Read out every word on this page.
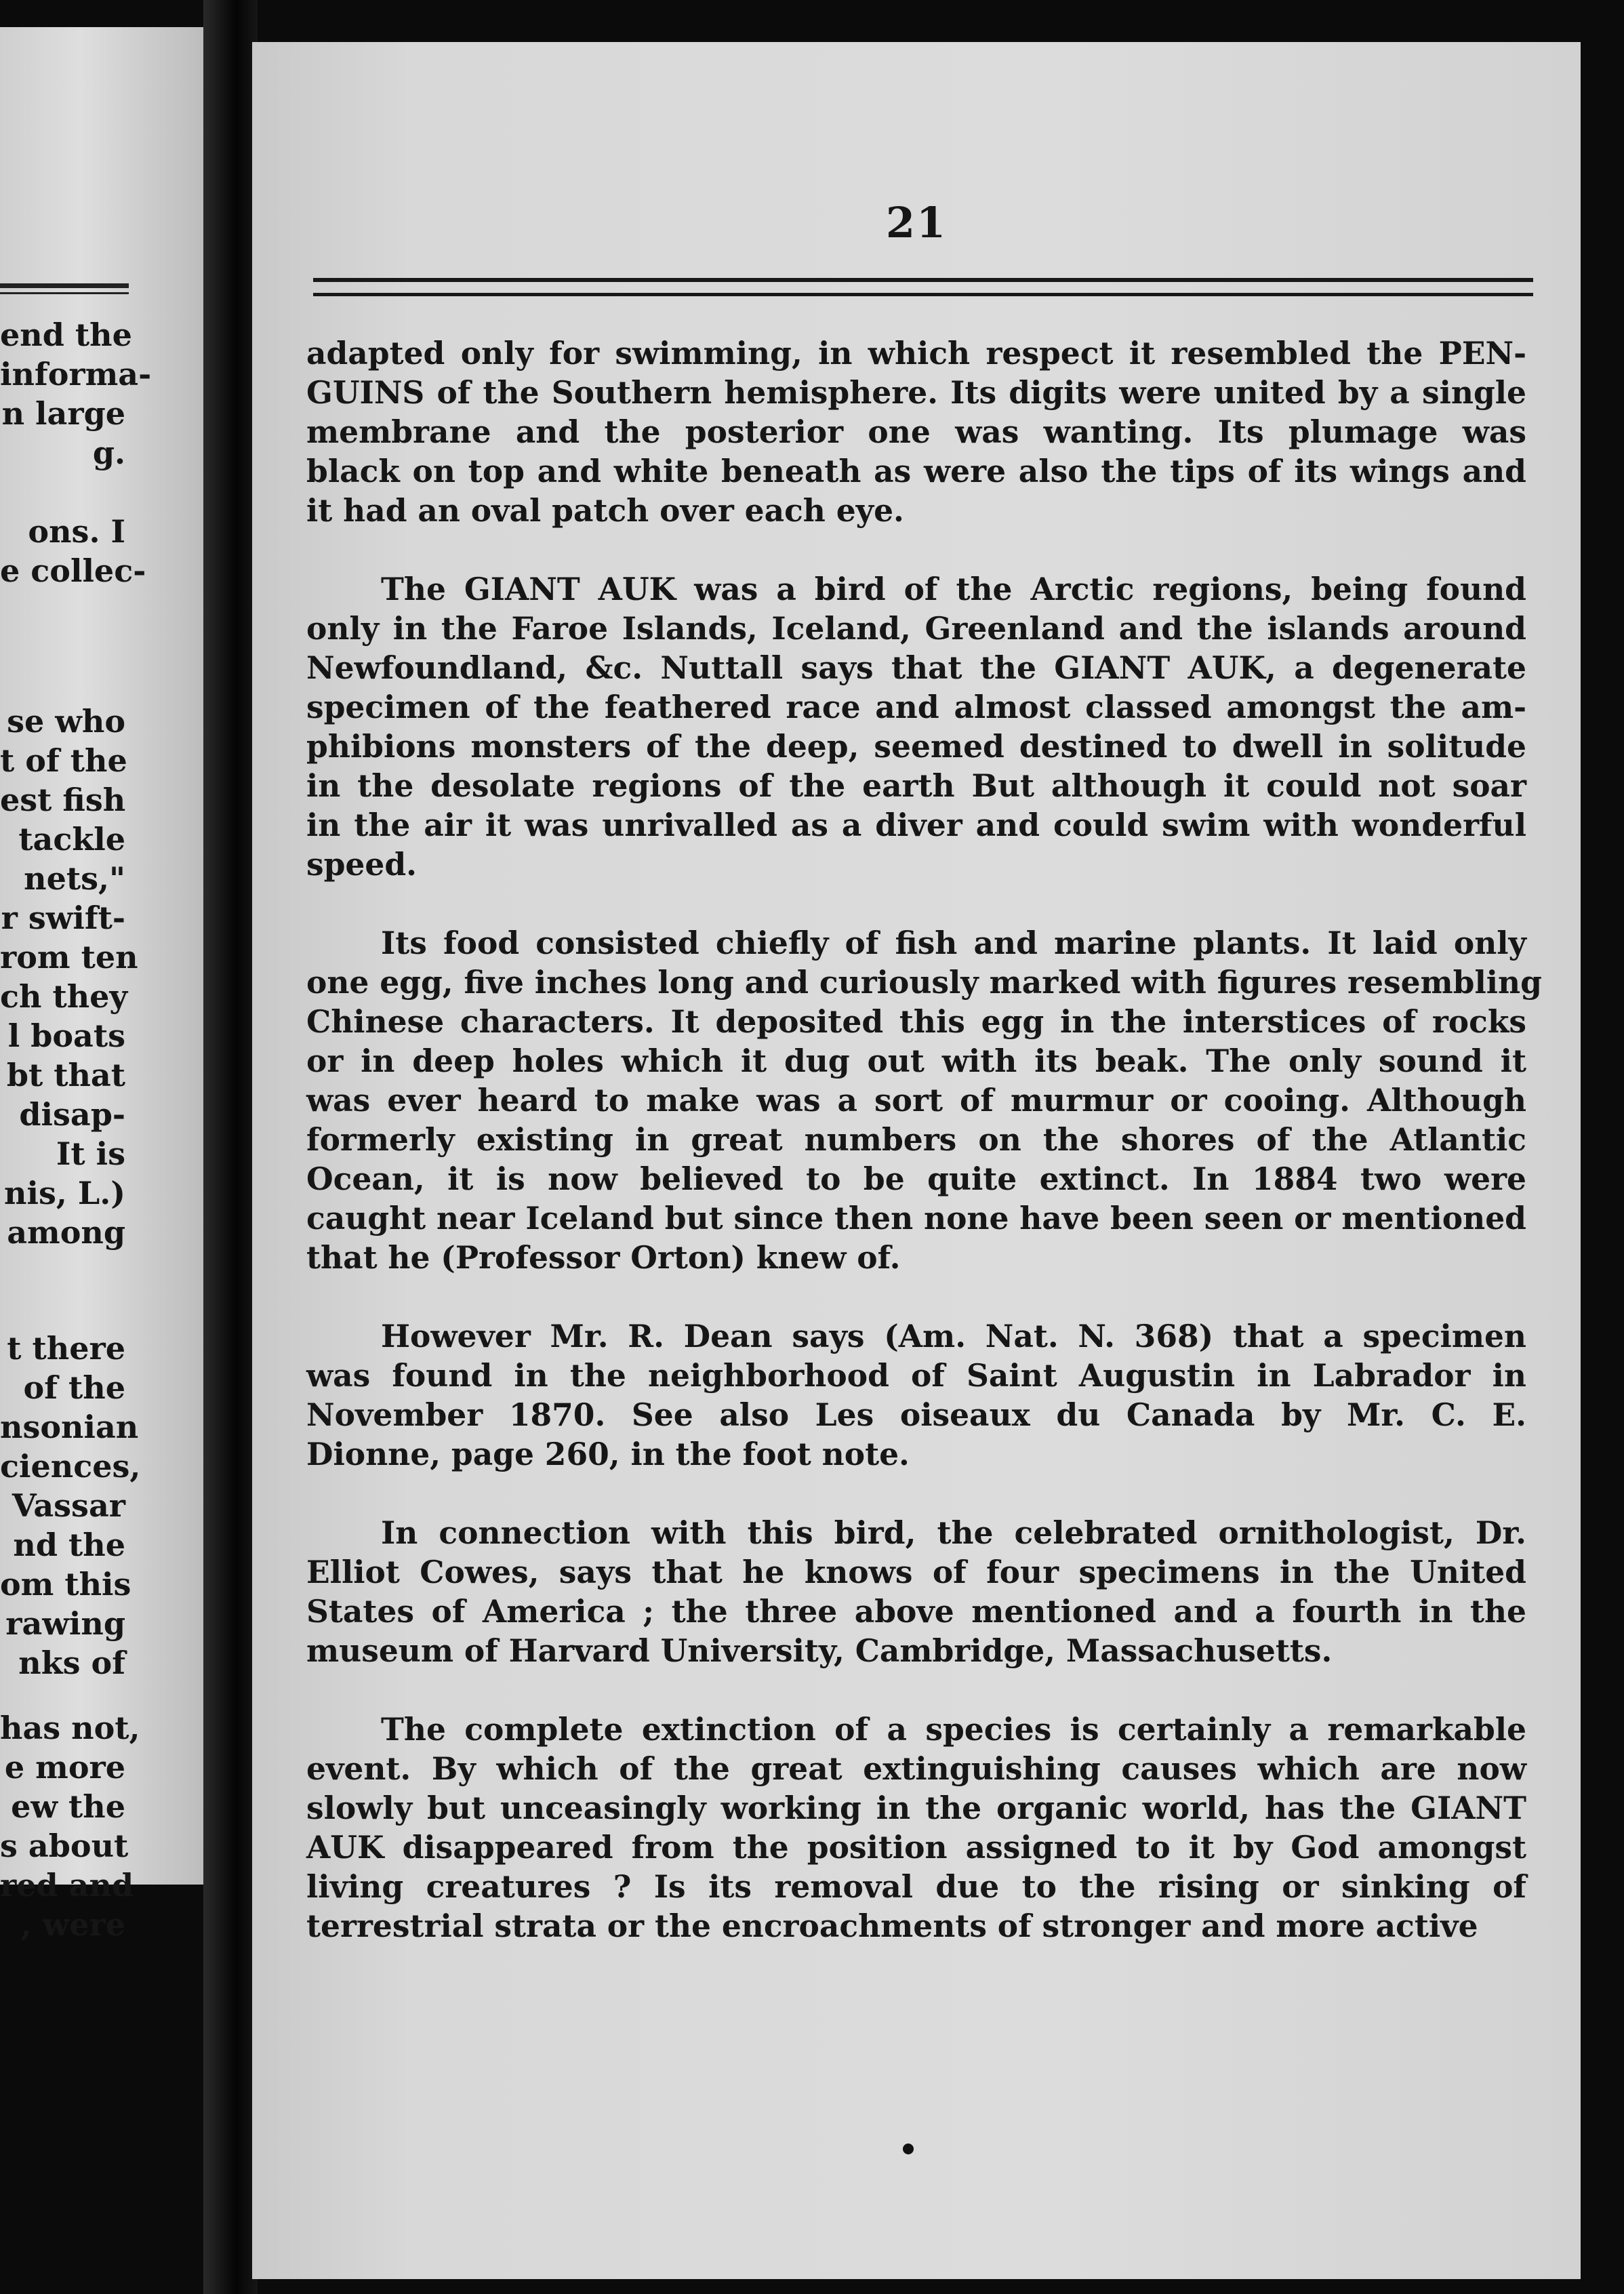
end the
informa-
n large
g.
ons. I
e collec-
se who
t of the
est fish
tackle
nets,"
r swift-
rom ten
ch they
l boats
bt that
disap-
It is
nis, L.)
among
t there
of the
nsonian
ciences,
Vassar
nd the
om this
rawing
nks of
has not,
e more
ew the
s about
red and
, were
21
adapted only for swimming, in which respect it resembled the PEN-
GUINS of the Southern hemisphere. Its digits were united by a single
membrane and the posterior one was wanting. Its plumage was
black on top and white beneath as were also the tips of its wings and
it had an oval patch over each eye.
The GIANT AUK was a bird of the Arctic regions, being found
only in the Faroe Islands, Iceland, Greenland and the islands around
Newfoundland, &c. Nuttall says that the GIANT AUK, a degenerate
specimen of the feathered race and almost classed amongst the am-
phibions monsters of the deep, seemed destined to dwell in solitude
in the desolate regions of the earth But although it could not soar
in the air it was unrivalled as a diver and could swim with wonderful
speed.
Its food consisted chiefly of fish and marine plants. It laid only
one egg, five inches long and curiously marked with figures resembling
Chinese characters. It deposited this egg in the interstices of rocks
or in deep holes which it dug out with its beak. The only sound it
was ever heard to make was a sort of murmur or cooing. Although
formerly existing in great numbers on the shores of the Atlantic
Ocean, it is now believed to be quite extinct. In 1884 two were
caught near Iceland but since then none have been seen or mentioned
that he (Professor Orton) knew of.
However Mr. R. Dean says (Am. Nat. N. 368) that a specimen
was found in the neighborhood of Saint Augustin in Labrador in
November 1870. See also Les oiseaux du Canada by Mr. C. E.
Dionne, page 260, in the foot note.
In connection with this bird, the celebrated ornithologist, Dr.
Elliot Cowes, says that he knows of four specimens in the United
States of America ; the three above mentioned and a fourth in the
museum of Harvard University, Cambridge, Massachusetts.
The complete extinction of a species is certainly a remarkable
event. By which of the great extinguishing causes which are now
slowly but unceasingly working in the organic world, has the GIANT
AUK disappeared from the position assigned to it by God amongst
living creatures ? Is its removal due to the rising or sinking of
terrestrial strata or the encroachments of stronger and more active
